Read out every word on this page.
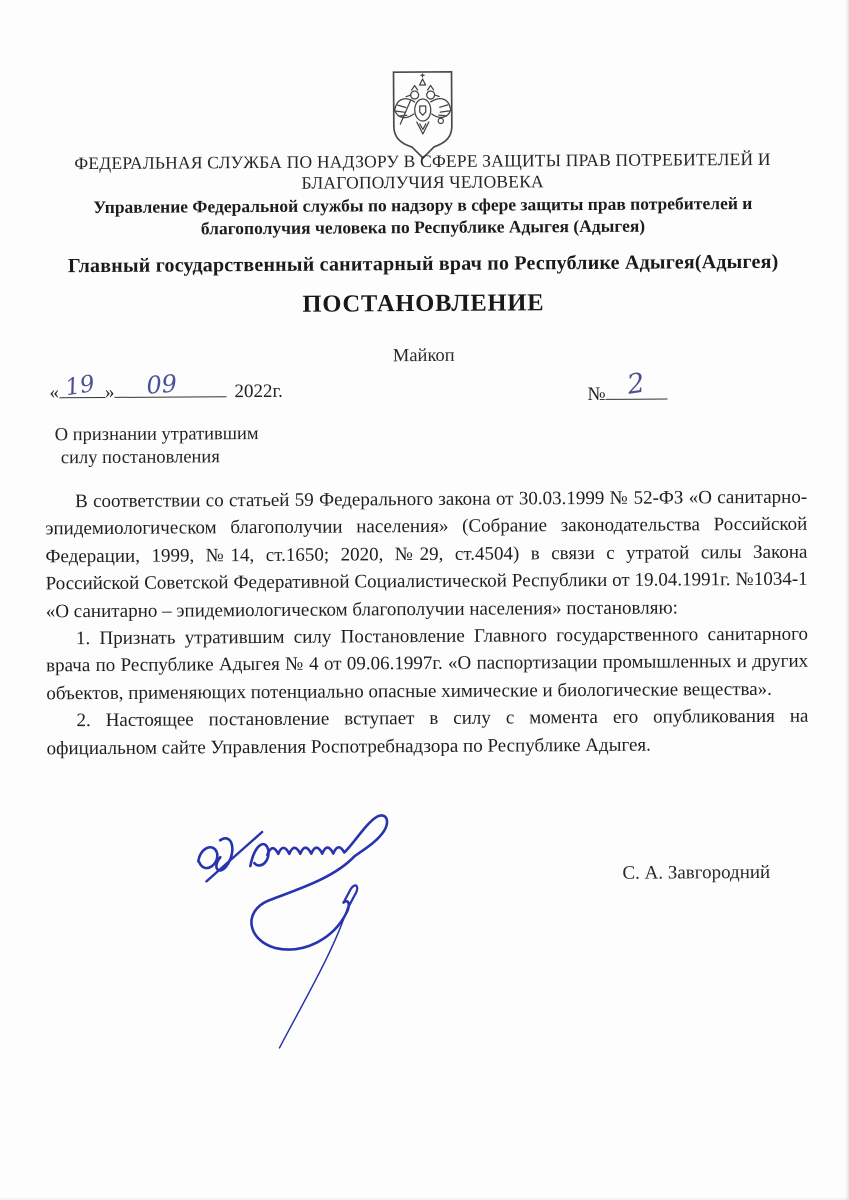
ФЕДЕРАЛЬНАЯ СЛУЖБА ПО НАДЗОРУ В СФЕРЕ ЗАЩИТЫ ПРАВ ПОТРЕБИТЕЛЕЙ И
БЛАГОПОЛУЧИЯ ЧЕЛОВЕКА
Управление Федеральной службы по надзору в сфере защиты прав потребителей и
благополучия человека по Республике Адыгея (Адыгея)
Главный государственный санитарный врач по Республике Адыгея(Адыгея)
ПОСТАНОВЛЕНИЕ
Майкоп
« 19 » 09	2022г.	№ 2
О признании утратившим
силу постановления

В соответствии со статьей 59 Федерального закона от 30.03.1999 № 52-ФЗ «О санитарно-эпидемиологическом благополучии населения» (Собрание законодательства Российской Федерации, 1999, №14, ст.1650; 2020, №29, ст.4504) в связи с утратой силы Закона Российской Советской Федеративной Социалистической Республики от 19.04.1991г. №1034-1 «О санитарно – эпидемиологическом благополучии населения» постановляю:

1. Признать утратившим силу Постановление Главного государственного санитарного врача по Республике Адыгея № 4 от 09.06.1997г. «О паспортизации промышленных и других объектов, применяющих потенциально опасные химические и биологические вещества».

2. Настоящее постановление вступает в силу с момента его опубликования на официальном сайте Управления Роспотребнадзора по Республике Адыгея.

С. А. Завгородний
